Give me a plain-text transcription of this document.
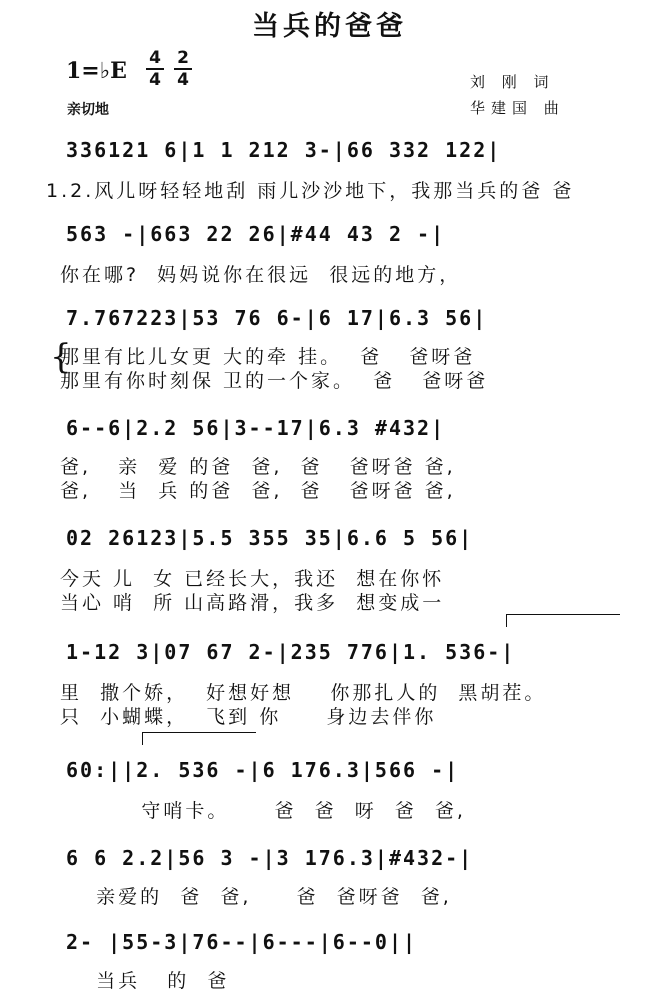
当兵的爸爸
1=♭E $\frac{4}{4} \frac{2}{4}$	刘 刚 词
华建国 曲
亲切地
336121 6|1 1 212 3-|66 332 122|
1.2.风儿呀轻轻地刮 雨儿沙沙地下，我那当兵的爸 爸
563 -|663 22 26|#44 43 2 -|
你在哪?  妈妈说你在很远  很远的地方，
7.767223|53 76 6-|6 17|6.3 56|
{
那里有比儿女更 大的牵 挂。  爸   爸呀爸
那里有你时刻保 卫的一个家。  爸   爸呀爸
6--6|2.2 56|3--17|6.3 #432|
爸,   亲  爱 的爸  爸,  爸   爸呀爸 爸,
爸,   当  兵 的爸  爸,  爸   爸呀爸 爸,
02 26123|5.5 355 35|6.6 5 56|
今天 儿  女 已经长大，我还  想在你怀
当心 哨  所 山高路滑，我多  想变成一
1-12 3|07 67 2-|235 776|1. 536-|
里  撒个娇，  好想好想    你那扎人的  黑胡茬。
只  小蝴蝶，  飞到 你     身边去伴你
60:||2. 536 -|6 176.3|566 -|
守哨卡。     爸  爸  呀  爸  爸,
6 6 2.2|56 3 -|3 176.3|#432-|
亲爱的  爸  爸,     爸  爸呀爸  爸,
2- |55-3|76--|6---|6--0||
当兵   的  爸
